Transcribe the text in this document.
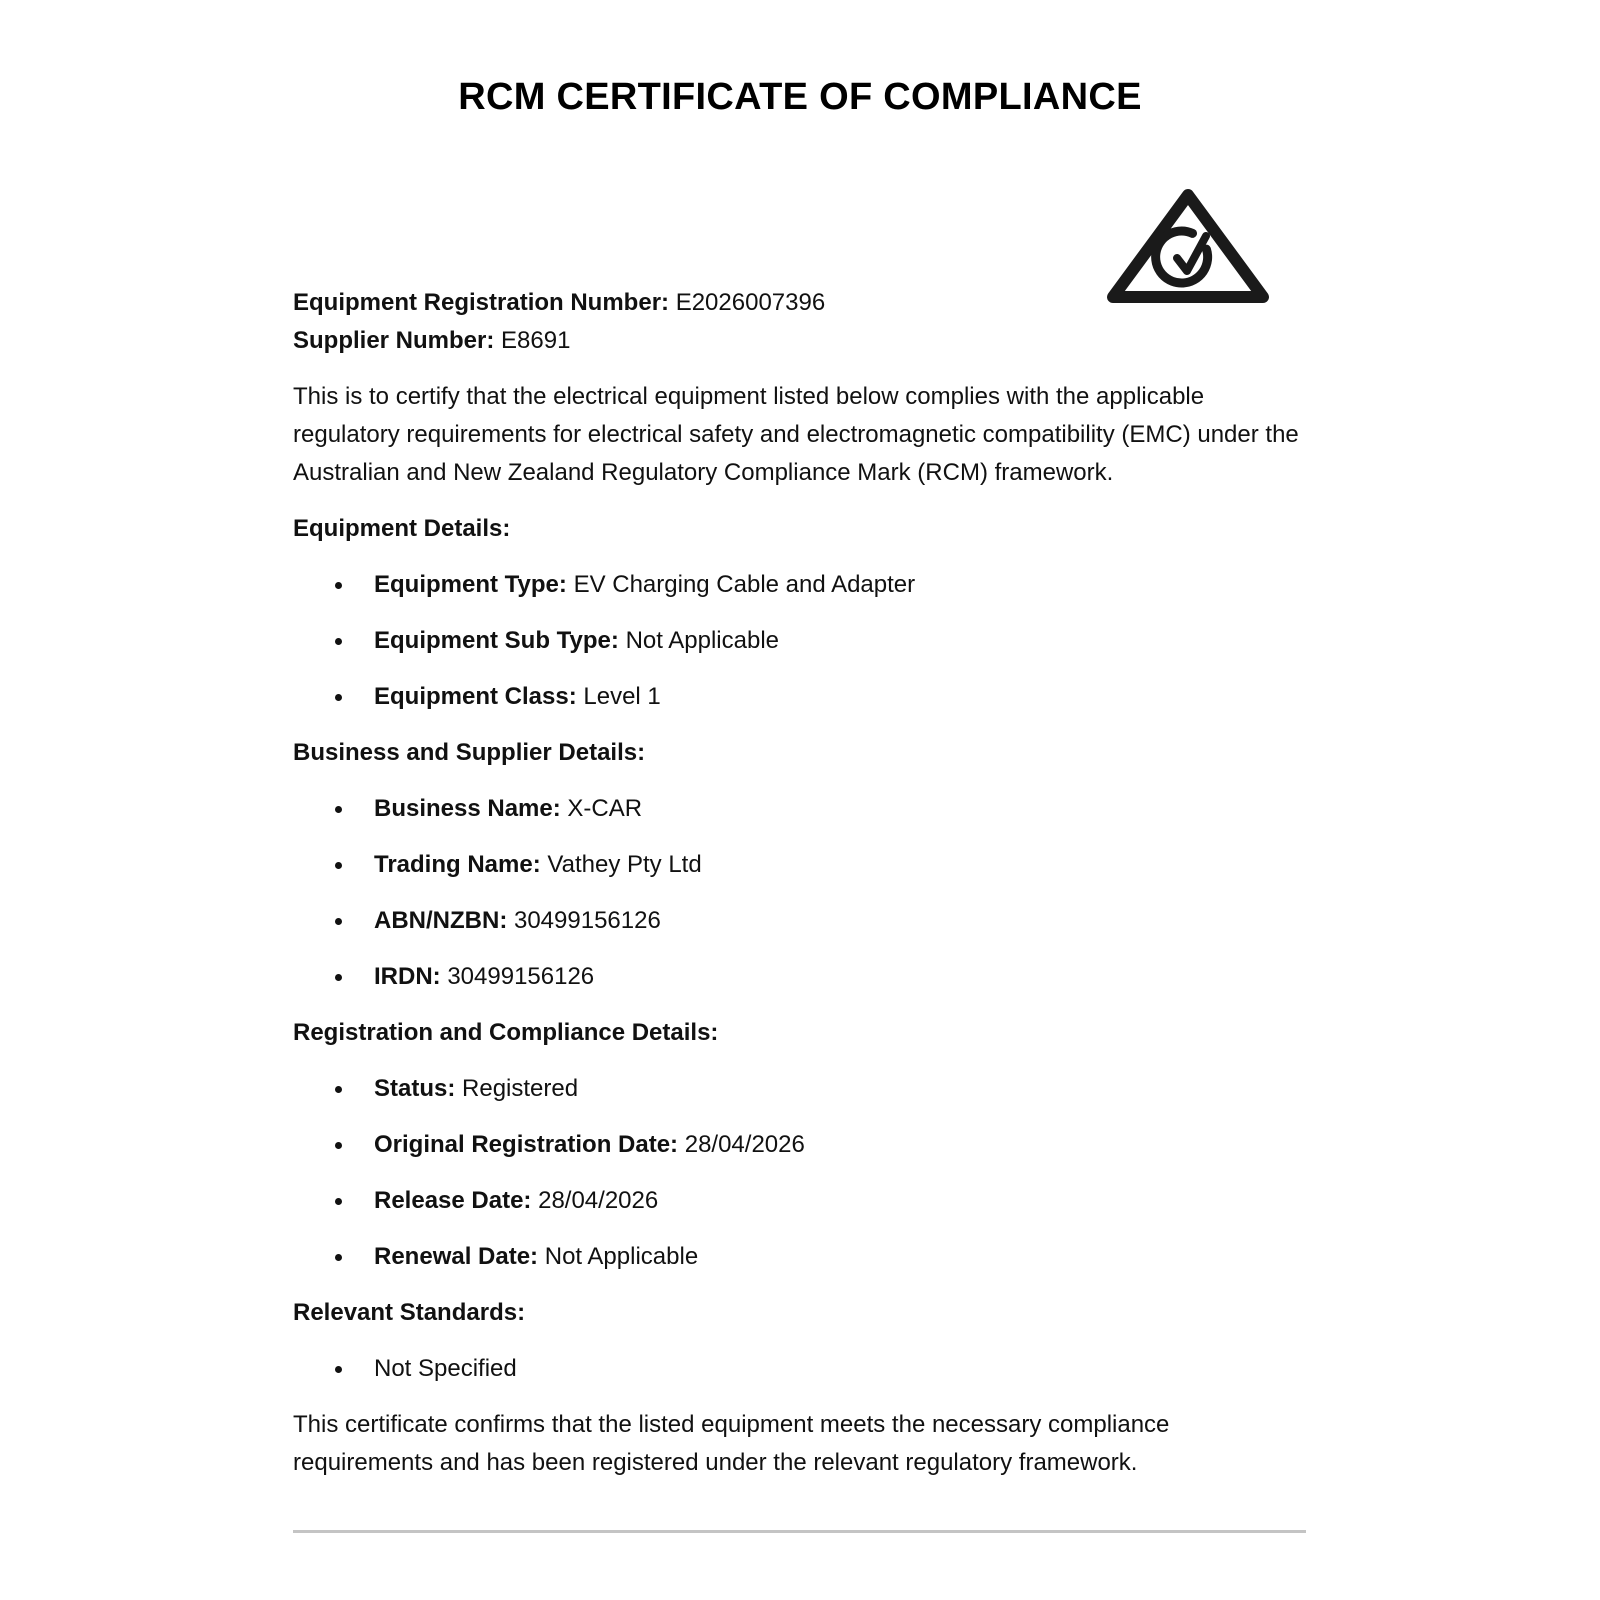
RCM CERTIFICATE OF COMPLIANCE

Equipment Registration Number: E2026007396

Supplier Number: E8691

This is to certify that the electrical equipment listed below complies with the applicable regulatory requirements for electrical safety and electromagnetic compatibility (EMC) under the Australian and New Zealand Regulatory Compliance Mark (RCM) framework.

Equipment Details:

Equipment Type: EV Charging Cable and Adapter
Equipment Sub Type: Not Applicable
Equipment Class: Level 1

Business and Supplier Details:

Business Name: X-CAR
Trading Name: Vathey Pty Ltd
ABN/NZBN: 30499156126
IRDN: 30499156126

Registration and Compliance Details:

Status: Registered
Original Registration Date: 28/04/2026
Release Date: 28/04/2026
Renewal Date: Not Applicable

Relevant Standards:

Not Specified

This certificate confirms that the listed equipment meets the necessary compliance requirements and has been registered under the relevant regulatory framework.
